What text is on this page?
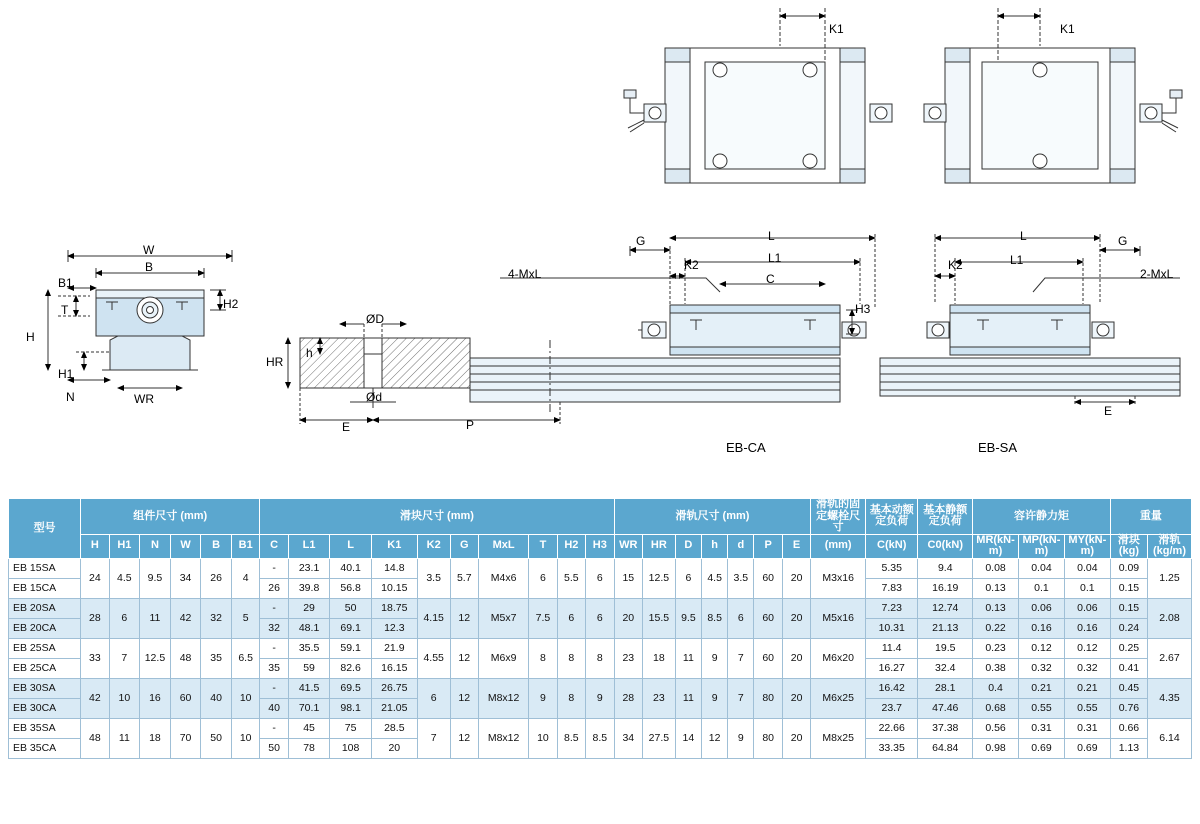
K1	K1
W
B
B1
H2
T
H
H1
N	WR
ØD
Ød
h
HR
E	P
G	L
L1
K2
C
H3
4-MxL
L
L1
K2
G
2-MxL
E
EB-CA	EB-SA
型号	组件尺寸 (mm)						滑块尺寸 (mm)										滑轨尺寸 (mm)							滑轨的固定螺栓尺寸	基本动额定负荷	基本静额定负荷	容许静力矩			重量	
	H	H1	N	W	B	B1	C	L1	L	K1	K2	G	MxL	T	H2	H3	WR	HR	D	h	d	P	E	(mm)	C(kN)	C0(kN)	MR(kN-m)	MP(kN-m)	MY(kN-m)	滑块(kg)	滑轨(kg/m)
EB 15SA	24	4.5	9.5	34	26	4	-	23.1	40.1	14.8	3.5	5.7	M4x6	6	5.5	6	15	12.5	6	4.5	3.5	60	20	M3x16	5.35	9.4	0.08	0.04	0.04	0.09	1.25
EB 15CA							26	39.8	56.8	10.15															7.83	16.19	0.13	0.1	0.1	0.15	
EB 20SA	28	6	11	42	32	5	-	29	50	18.75	4.15	12	M5x7	7.5	6	6	20	15.5	9.5	8.5	6	60	20	M5x16	7.23	12.74	0.13	0.06	0.06	0.15	2.08
EB 20CA							32	48.1	69.1	12.3															10.31	21.13	0.22	0.16	0.16	0.24	
EB 25SA	33	7	12.5	48	35	6.5	-	35.5	59.1	21.9	4.55	12	M6x9	8	8	8	23	18	11	9	7	60	20	M6x20	11.4	19.5	0.23	0.12	0.12	0.25	2.67
EB 25CA							35	59	82.6	16.15															16.27	32.4	0.38	0.32	0.32	0.41	
EB 30SA	42	10	16	60	40	10	-	41.5	69.5	26.75	6	12	M8x12	9	8	9	28	23	11	9	7	80	20	M6x25	16.42	28.1	0.4	0.21	0.21	0.45	4.35
EB 30CA							40	70.1	98.1	21.05															23.7	47.46	0.68	0.55	0.55	0.76	
EB 35SA	48	11	18	70	50	10	-	45	75	28.5	7	12	M8x12	10	8.5	8.5	34	27.5	14	12	9	80	20	M8x25	22.66	37.38	0.56	0.31	0.31	0.66	6.14
EB 35CA							50	78	108	20															33.35	64.84	0.98	0.69	0.69	1.13	
